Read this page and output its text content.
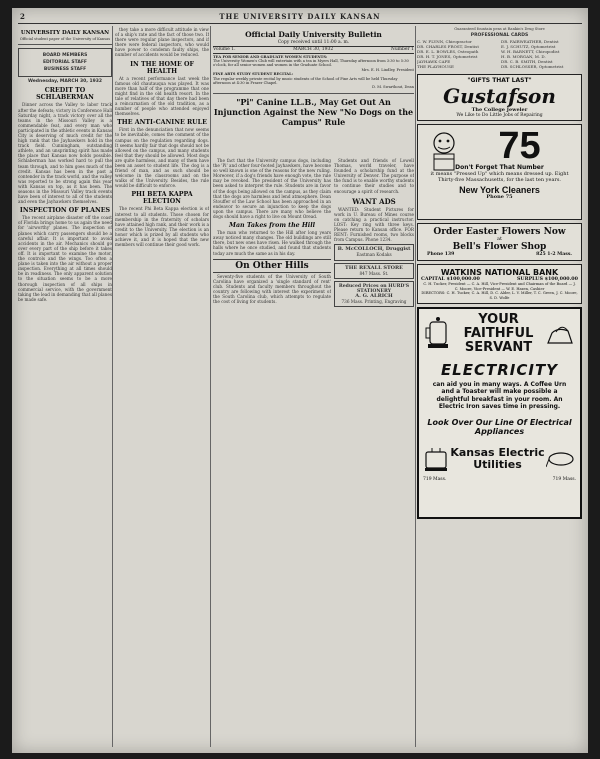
2	THE UNIVERSITY DAILY KANSAN
UNIVERSITY DAILY KANSAN
Official student paper of the University of Kansas
BOARD MEMBERS
EDITORIAL STAFF
BUSINESS STAFF
Wednesday, MARCH 30, 1932
CREDIT TO SCHLABERMAN

Dinner across the Valley to labor track after the defeats; victory in Conference Hall Saturday night, a track victory over all the teams in the Missouri Valley is a commendable feat, and every man who participated in the athletic events in Kansas City is deserving of much credit for the high rank that the Jayhawkers hold in the track field. Cunningham, outstanding athlete, and an unsprinting spirit has made the place that Kansas now holds possible. Schlaberman has worked hard to pull the team through, and to him goes much of the credit. Kansas has been in the past a contender in the track world, and the valley was reported to be strong again this year with Kansas on top, as it has been. The seasons in the Missouri Valley track events have been of interest to all of the students and even the Jayhawkers themselves.

INSPECTION OF PLANES

The recent airplane disaster off the coast of Florida brings home to us again the need for 'airworthy' planes. The inspection of planes which carry passengers should be a careful affair. It is important to avoid accidents in the air. Mechanics should go over every part of the ship before it takes off. It is important to examine the motor, the controls and the wings. Too often a plane is taken into the air without a proper inspection. Everything at all times should be in readiness. The only apparent solution to the situation seems to be a more thorough inspection of all ships in commercial service, with the government taking the lead in demanding that all planes be made safe.

they take a more difficult attitude in view of a ship's rate and the fact of those two. If there were regular plane inspectors, and if there were federal inspectors, who would have power to condemn faulty ships, the number of accidents would be reduced.

IN THE HOME OF HEALTH

At a recent performance last week the famous old chautauqua was played. It was more than half of the programme that one might find in the old health resort. In the tale of relatives of that day there had been a reincarnation of the old tradition, as a number of people who attended enjoyed themselves.

THE ANTI-CANINE RULE

First in the denunciation that now seems to be inevitable, comes the comment of the campus on the regulation regarding dogs. It seems hardly fair that dogs should not be allowed on the campus, and many students feel that they should be allowed. Most dogs are quite harmless, and many of them have been an asset to student life. The dog is a friend of man, and as such should be welcome in the classrooms and on the walks of the University. Besides, the rule would be difficult to enforce.

PHI BETA KAPPA ELECTION

The recent Phi Beta Kappa election is of interest to all students. Those chosen for membership in the fraternity of scholars have attained high rank, and their work is a credit to the University. The election is an honor which is prized by all students who achieve it, and it is hoped that the new members will continue their good work.

Official Daily University Bulletin
Copy received until 11:00 a. m.
Volume 1.	MARCH 30, 1932	Number 1
TEA FOR SENIOR AND GRADUATE WOMEN STUDENTS:
The University Women's Club will entertain with a tea in Myers Hall, Thursday afternoon from 3:30 to 5:30 o'clock, for all senior women and women in the Graduate School.
Mrs. E. H. Lindley, President
FINE ARTS STUDY STUDENT RECITAL:
The regular weekly private recital by music students of the School of Fine Arts will be held Thursday afternoon at 4:30 in Frazer Chapel.
D. M. Swarthout, Dean
"Pi" Canine LL.B., May Get Out An Injunction Against the New "No Dogs on the Campus" Rule

The fact that the University campus dogs, including the 'Pi' and other four-footed Jayhawkers, have become so well known is one of the reasons for the new ruling. Moreover, if a dog's friends have enough vote, the rule may be revoked. The president of the University has been asked to interpret the rule. Students are in favor of the dogs being allowed on the campus, as they claim that the dogs are harmless and lend atmosphere. Dean Stouffer of the Law School has been approached in an endeavor to secure an injunction to keep the dogs upon the campus. There are many who believe the dogs should have a right to live on Mount Oread.

Man Takes from the Hill

The man who returned to the Hill after long years away noticed many changes. The old buildings are still there, but new ones have risen. He walked through the halls where he once studied, and found that students today are much the same as in his day.

On Other Hills

Seventy-five students of the University of South Carolina have organized a 'single standard of rent' club. Students and faculty members throughout the country are following with interest the experiment of the South Carolina club, which attempts to regulate the cost of living for students.

Students and friends of Lowell Thomas, world traveler, have founded a scholarship fund at the University of Denver. The purpose of the fund is to enable worthy students to continue their studies and to encourage a spirit of research.

WANT ADS

WANTED: Student Pictures for work in U. Bureau of Mines course on catching a practical instructor. LOST: Key ring with three keys. Please return to Kansan office. FOR RENT: Furnished rooms, two blocks from Campus. Phone 1234.

B. McCOLLOCH, Druggist
Eastman Kodaks
THE REXALL STORE
847 Mass. St.
Reduced Prices on HURD'S STATIONERY
A. G. ALRICH
736 Mass. Printing, Engraving
Guaranteed fountain pens at Rankin's Drug Store
PROFESSIONAL CARDS
C. W. FLYNN, Chiropractor
DR. CHARLES FROST, Dentist
DR. E. L. BOWLES, Osteopath
DR. H. T. JONES, Optometrist
JAYHAWK CAFE
THE PLAYHOUSE
DR. FAIRWEATHER, Dentist
E. J. SCHUTZ, Optometrist
W. H. BARNETT, Chiropodist
H. B. MORGAN, M. D.
DR. C. B. SMITH, Dentist
DR. SCHLOSSER, Optometrist
"GIFTS THAT LAST"
Gustafson
The College Jeweler
We Like to Do Little Jobs of Repairing
75
Don't Forget That Number
it means "Pressed Up" which means dressed up. Eight Thirty-five Massachusetts, for the last ten years.
New York Cleaners
Phone 75
Order Easter Flowers Now
at
Bell's Flower Shop
Phone 139	825 1-2 Mass.
WATKINS NATIONAL BANK
CAPITAL $100,000.00	SURPLUS $100,000.00
C. H. Tucker, President — C. A. Hill, Vice-President and Chairman of the Board — J. C. Moore, Vice-President — W. E. Hazen, Cashier
DIRECTORS: C. H. Tucker, C. A. Hill, D. C. Alder, L. V. Miller, T. C. Green, J. C. Moore, S. D. Wolfe
YOUR
FAITHFUL
SERVANT
ELECTRICITY
can aid you in many ways. A Coffee Urn and a Toaster will make possible a delightful breakfast in your room. An Electric Iron saves time in pressing.
Look Over Our Line Of Electrical Appliances
Kansas Electric
Utilities
719 Mass.	719 Mass.
